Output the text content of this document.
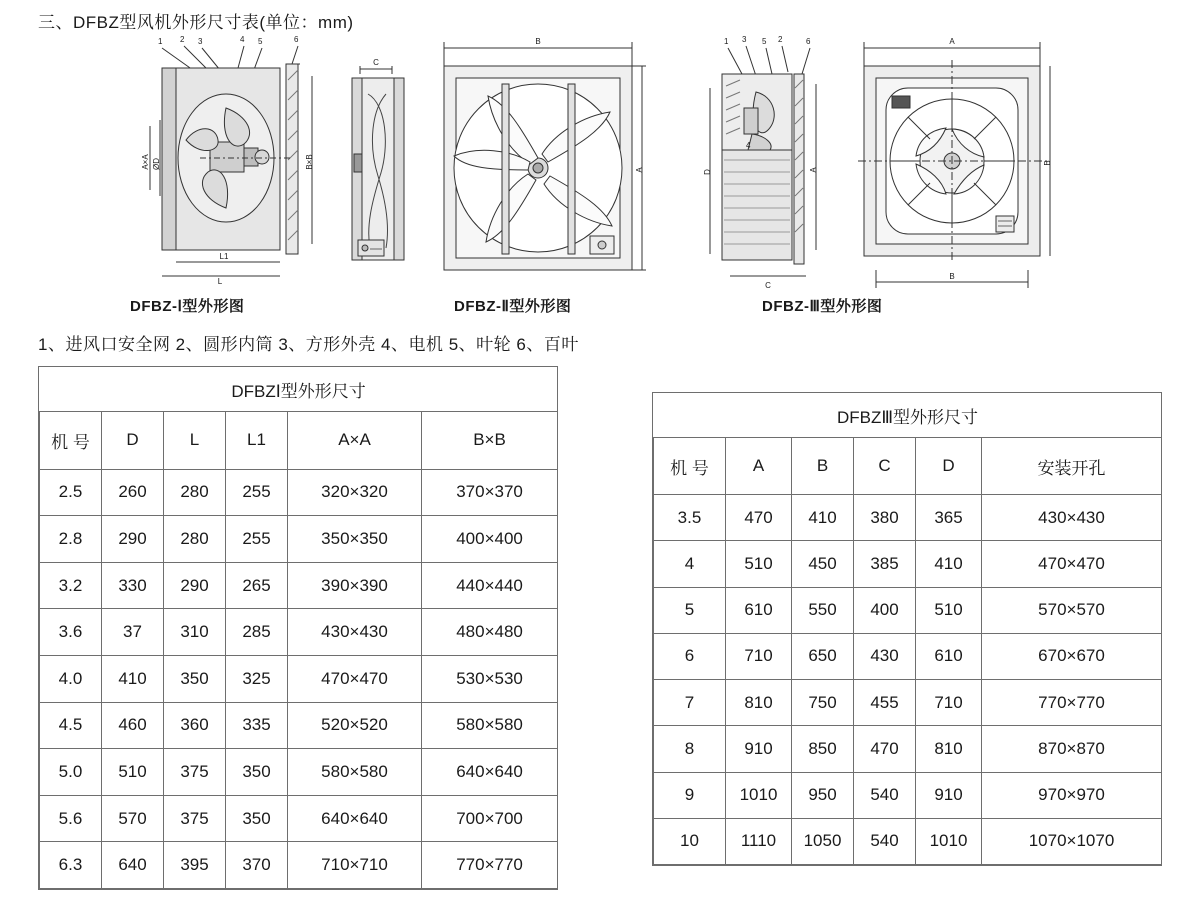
三、DFBZ型风机外形尺寸表(单位：mm)
1 2 3	4 5	6
A×A ØD	B×B
L1
L
DFBZ-Ⅰ型外形图
C
B
A
DFBZ-Ⅱ型外形图
1 3 5 2	6
4
D	A
C
DFBZ-Ⅲ型外形图
A
B
B
1、进风口安全网 2、圆形内筒 3、方形外壳 4、电机 5、叶轮 6、百叶
DFBZⅠ型外形尺寸					
机 号	D	L	L1	A×A	B×B
2.5	260	280	255	320×320	370×370
2.8	290	280	255	350×350	400×400
3.2	330	290	265	390×390	440×440
3.6	37	310	285	430×430	480×480
4.0	410	350	325	470×470	530×530
4.5	460	360	335	520×520	580×580
5.0	510	375	350	580×580	640×640
5.6	570	375	350	640×640	700×700
6.3	640	395	370	710×710	770×770
DFBZⅢ型外形尺寸					
机 号	A	B	C	D	安装开孔
3.5	470	410	380	365	430×430
4	510	450	385	410	470×470
5	610	550	400	510	570×570
6	710	650	430	610	670×670
7	810	750	455	710	770×770
8	910	850	470	810	870×870
9	1010	950	540	910	970×970
10	1110	1050	540	1010	1070×1070
